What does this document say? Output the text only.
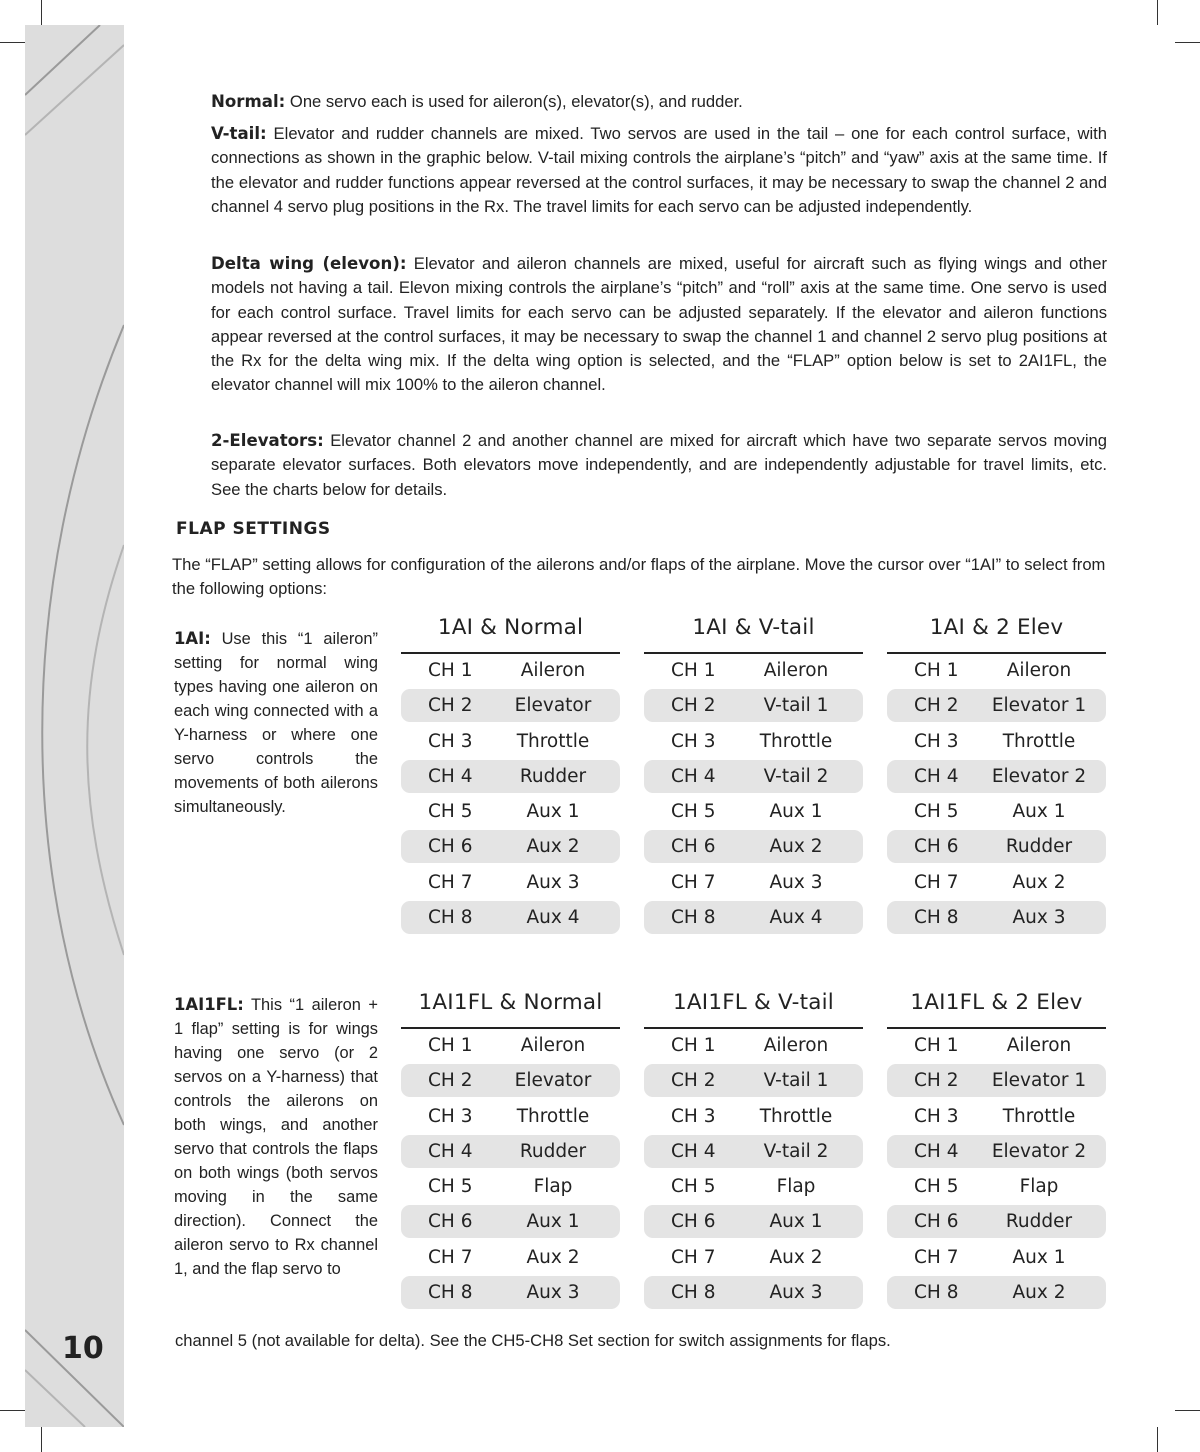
10

Normal: One servo each is used for aileron(s), elevator(s), and rudder.

V-tail: Elevator and rudder channels are mixed. Two servos are used in the tail – one for each control surface, with connections as shown in the graphic below. V-tail mixing controls the airplane’s “pitch” and “yaw” axis at the same time. If the elevator and rudder functions appear reversed at the control surfaces, it may be necessary to swap the channel 2 and channel 4 servo plug positions in the Rx. The travel limits for each servo can be adjusted independently.

Delta wing (elevon): Elevator and aileron channels are mixed, useful for aircraft such as flying wings and other models not having a tail. Elevon mixing controls the airplane’s “pitch” and “roll” axis at the same time. One servo is used for each control surface. Travel limits for each servo can be adjusted separately. If the elevator and aileron functions appear reversed at the control surfaces, it may be necessary to swap the channel 1 and channel 2 servo plug positions at the Rx for the delta wing mix. If the delta wing option is selected, and the “FLAP” option below is set to 2AI1FL, the elevator channel will mix 100% to the aileron channel.

2-Elevators: Elevator channel 2 and another channel are mixed for aircraft which have two separate servos moving separate elevator surfaces. Both elevators move independently, and are independently adjustable for travel limits, etc. See the charts below for details.

FLAP SETTINGS

The “FLAP” setting allows for configuration of the ailerons and/or flaps of the airplane. Move the cursor over “1AI” to select from the following options:

1AI: Use this “1 aileron” setting for normal wing types having one aileron on each wing connected with a Y-harness or where one servo controls the movements of both ailerons simultaneously.

1AI1FL: This “1 aileron + 1 flap” setting is for wings having one servo (or 2 servos on a Y-harness) that controls the ailerons on both wings, and another servo that controls the flaps on both wings (both servos moving in the same direction). Connect the aileron servo to Rx channel 1, and the flap servo to

channel 5 (not available for delta). See the CH5-CH8 Set section for switch assignments for flaps.

1AI & Normal
CH 1	Aileron
CH 2	Elevator
CH 3	Throttle
CH 4	Rudder
CH 5	Aux 1
CH 6	Aux 2
CH 7	Aux 3
CH 8	Aux 4
1AI & V-tail
CH 1	Aileron
CH 2	V-tail 1
CH 3	Throttle
CH 4	V-tail 2
CH 5	Aux 1
CH 6	Aux 2
CH 7	Aux 3
CH 8	Aux 4
1AI & 2 Elev
CH 1	Aileron
CH 2	Elevator 1
CH 3	Throttle
CH 4	Elevator 2
CH 5	Aux 1
CH 6	Rudder
CH 7	Aux 2
CH 8	Aux 3
1AI1FL & Normal
CH 1	Aileron
CH 2	Elevator
CH 3	Throttle
CH 4	Rudder
CH 5	Flap
CH 6	Aux 1
CH 7	Aux 2
CH 8	Aux 3
1AI1FL & V-tail
CH 1	Aileron
CH 2	V-tail 1
CH 3	Throttle
CH 4	V-tail 2
CH 5	Flap
CH 6	Aux 1
CH 7	Aux 2
CH 8	Aux 3
1AI1FL & 2 Elev
CH 1	Aileron
CH 2	Elevator 1
CH 3	Throttle
CH 4	Elevator 2
CH 5	Flap
CH 6	Rudder
CH 7	Aux 1
CH 8	Aux 2
